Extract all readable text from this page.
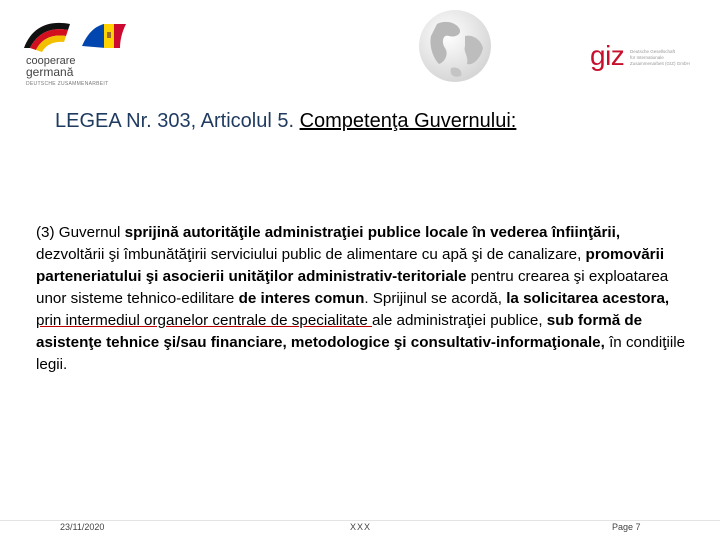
cooperare
germană
DEUTSCHE ZUSAMMENARBEIT
giz Deutsche Gesellschaft
für Internationale
Zusammenarbeit (GIZ) GmbH
LEGEA Nr. 303, Articolul 5. Competenţa Guvernului:
(3) Guvernul sprijină autorităţile administraţiei publice locale în vederea înfiinţării, dezvoltării şi îmbunătăţirii serviciului public de alimentare cu apă şi de canalizare, promovării parteneriatului şi asocierii unităţilor administrativ-teritoriale pentru crearea şi exploatarea unor sisteme tehnico-edilitare de interes comun. Sprijinul se acordă, la solicitarea acestora, prin intermediul organelor centrale de specialitate ale administraţiei publice, sub formă de asistenţe tehnice şi/sau financiare, metodologice şi consultativ-informaţionale, în condiţiile legii.
23/11/2020	XXX	Page 7
